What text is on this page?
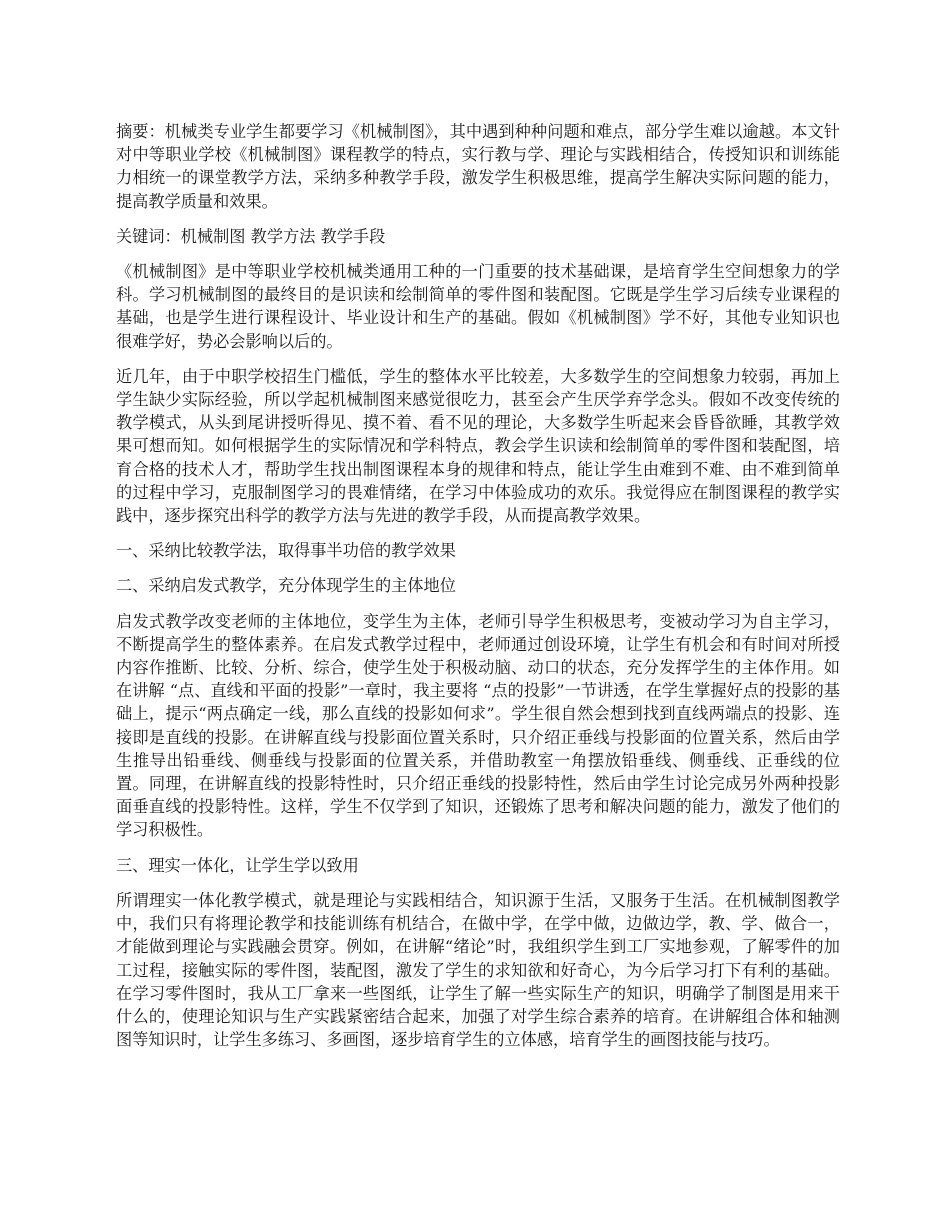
摘要：机械类专业学生都要学习《机械制图》，其中遇到种种问题和难点，部分学生难以逾越。本文针对中等职业学校《机械制图》课程教学的特点，实行教与学、理论与实践相结合，传授知识和训练能力相统一的课堂教学方法，采纳多种教学手段，激发学生积极思维，提高学生解决实际问题的能力，提高教学质量和效果。

关键词：机械制图 教学方法 教学手段

《机械制图》是中等职业学校机械类通用工种的一门重要的技术基础课，是培育学生空间想象力的学科。学习机械制图的最终目的是识读和绘制简单的零件图和装配图。它既是学生学习后续专业课程的基础，也是学生进行课程设计、毕业设计和生产的基础。假如《机械制图》学不好，其他专业知识也很难学好，势必会影响以后的。

近几年，由于中职学校招生门槛低，学生的整体水平比较差，大多数学生的空间想象力较弱，再加上学生缺少实际经验，所以学起机械制图来感觉很吃力，甚至会产生厌学弃学念头。假如不改变传统的教学模式，从头到尾讲授听得见、摸不着、看不见的理论，大多数学生听起来会昏昏欲睡，其教学效果可想而知。如何根据学生的实际情况和学科特点，教会学生识读和绘制简单的零件图和装配图，培育合格的技术人才，帮助学生找出制图课程本身的规律和特点，能让学生由难到不难、由不难到简单的过程中学习，克服制图学习的畏难情绪，在学习中体验成功的欢乐。我觉得应在制图课程的教学实践中，逐步探究出科学的教学方法与先进的教学手段，从而提高教学效果。

一、采纳比较教学法，取得事半功倍的教学效果

二、采纳启发式教学，充分体现学生的主体地位

启发式教学改变老师的主体地位，变学生为主体，老师引导学生积极思考，变被动学习为自主学习，不断提高学生的整体素养。在启发式教学过程中，老师通过创设环境，让学生有机会和有时间对所授内容作推断、比较、分析、综合，使学生处于积极动脑、动口的状态，充分发挥学生的主体作用。如在讲解 “点、直线和平面的投影”一章时，我主要将 “点的投影”一节讲透，在学生掌握好点的投影的基础上，提示“两点确定一线，那么直线的投影如何求”。学生很自然会想到找到直线两端点的投影、连接即是直线的投影。在讲解直线与投影面位置关系时，只介绍正垂线与投影面的位置关系，然后由学生推导出铅垂线、侧垂线与投影面的位置关系，并借助教室一角摆放铅垂线、侧垂线、正垂线的位置。同理，在讲解直线的投影特性时，只介绍正垂线的投影特性，然后由学生讨论完成另外两种投影面垂直线的投影特性。这样，学生不仅学到了知识，还锻炼了思考和解决问题的能力，激发了他们的学习积极性。

三、理实一体化，让学生学以致用

所谓理实一体化教学模式，就是理论与实践相结合，知识源于生活，又服务于生活。在机械制图教学中，我们只有将理论教学和技能训练有机结合，在做中学，在学中做，边做边学，教、学、做合一，才能做到理论与实践融会贯穿。例如，在讲解“绪论”时，我组织学生到工厂实地参观，了解零件的加工过程，接触实际的零件图，装配图，激发了学生的求知欲和好奇心，为今后学习打下有利的基础。在学习零件图时，我从工厂拿来一些图纸，让学生了解一些实际生产的知识，明确学了制图是用来干什么的，使理论知识与生产实践紧密结合起来，加强了对学生综合素养的培育。在讲解组合体和轴测图等知识时，让学生多练习、多画图，逐步培育学生的立体感，培育学生的画图技能与技巧。
